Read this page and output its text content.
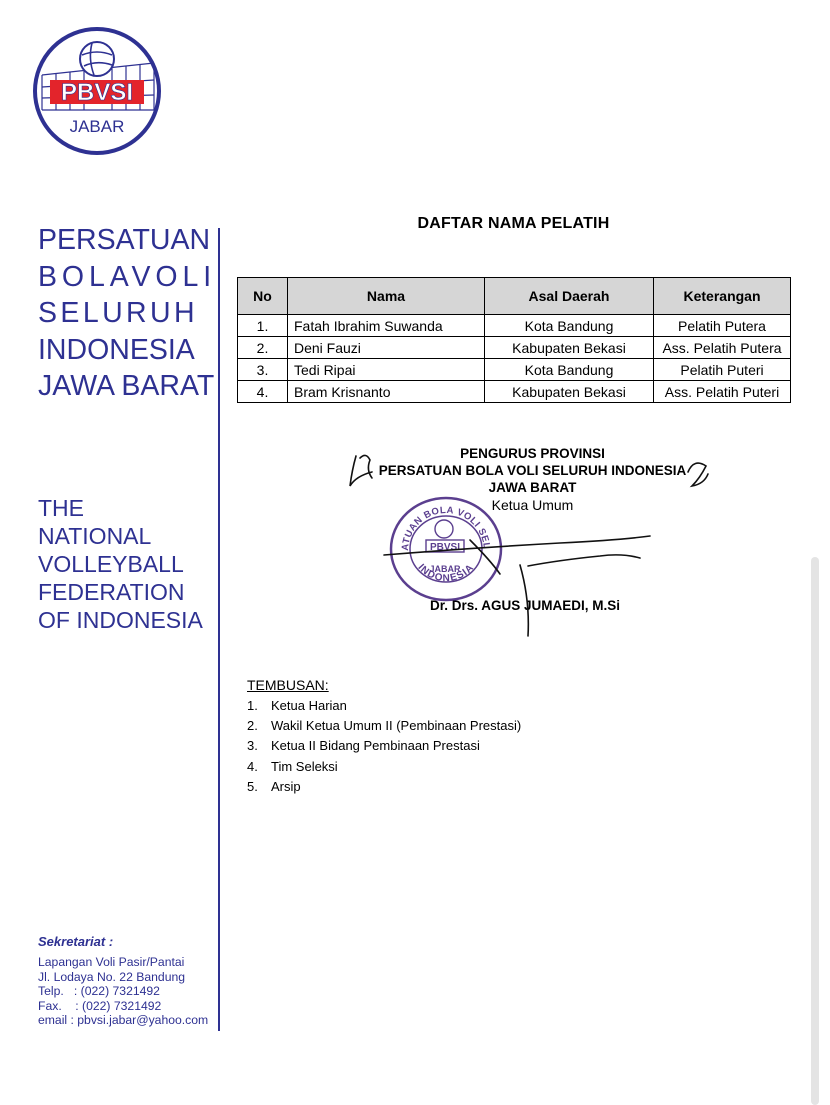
PBVSI
JABAR
PERSATUAN
BOLAVOLI
SELURUH
INDONESIA
JAWA BARAT
THE
NATIONAL
VOLLEYBALL
FEDERATION
OF INDONESIA
Sekretariat :
Lapangan Voli Pasir/Pantai
Jl. Lodaya No. 22 Bandung
Telp.   : (022) 7321492
Fax.    : (022) 7321492
email : pbvsi.jabar@yahoo.com
DAFTAR NAMA PELATIH
No	Nama	Asal Daerah	Keterangan
1.	Fatah Ibrahim Suwanda	Kota Bandung	Pelatih Putera
2.	Deni Fauzi	Kabupaten Bekasi	Ass. Pelatih Putera
3.	Tedi Ripai	Kota Bandung	Pelatih Puteri
4.	Bram Krisnanto	Kabupaten Bekasi	Ass. Pelatih Puteri
ATUAN BOLA VOLI SEL
INDONESIA
PBVSI
JABAR
PENGURUS PROVINSI
PERSATUAN BOLA VOLI SELURUH INDONESIA
JAWA BARAT
Ketua Umum
Dr. Drs. AGUS JUMAEDI, M.Si
TEMBUSAN:
1. Ketua Harian
2. Wakil Ketua Umum II (Pembinaan Prestasi)
3. Ketua II Bidang Pembinaan Prestasi
4. Tim Seleksi
5. Arsip
